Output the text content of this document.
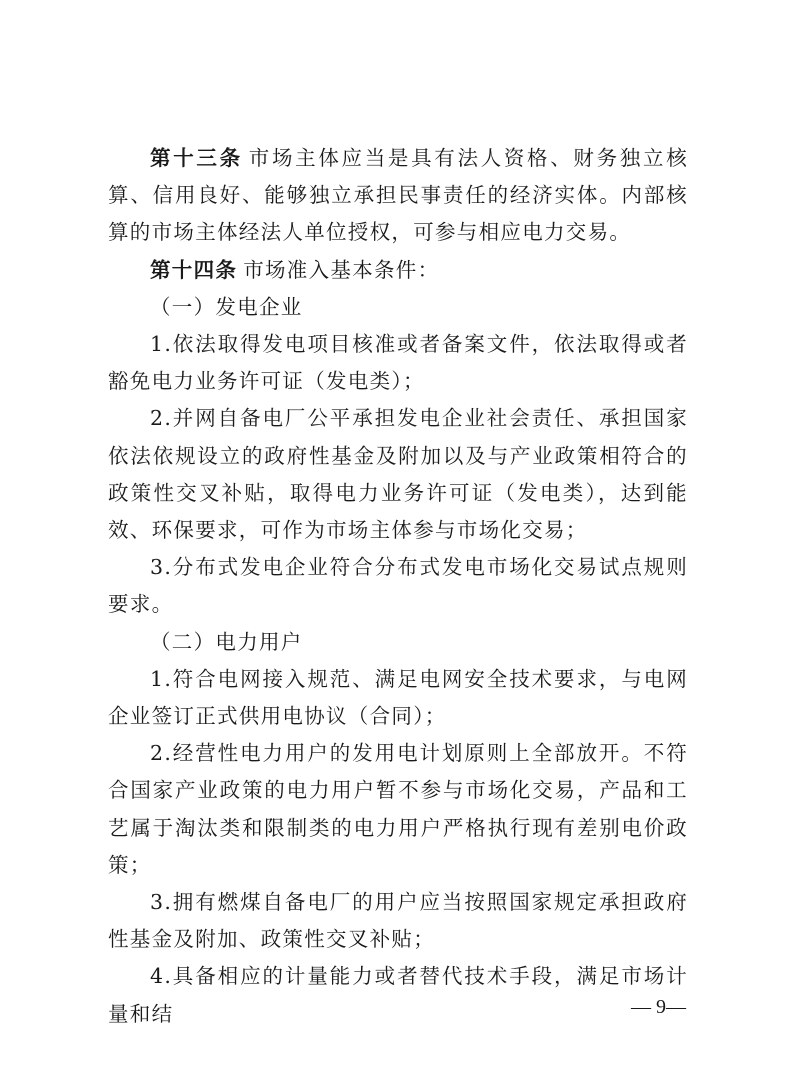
第十三条 市场主体应当是具有法人资格、财务独立核算、信用良好、能够独立承担民事责任的经济实体。内部核算的市场主体经法人单位授权，可参与相应电力交易。

第十四条 市场准入基本条件：

（一）发电企业

1.依法取得发电项目核准或者备案文件，依法取得或者豁免电力业务许可证（发电类）；

2.并网自备电厂公平承担发电企业社会责任、承担国家依法依规设立的政府性基金及附加以及与产业政策相符合的政策性交叉补贴，取得电力业务许可证（发电类），达到能效、环保要求，可作为市场主体参与市场化交易；

3.分布式发电企业符合分布式发电市场化交易试点规则要求。

（二）电力用户

1.符合电网接入规范、满足电网安全技术要求，与电网企业签订正式供用电协议（合同）；

2.经营性电力用户的发用电计划原则上全部放开。不符合国家产业政策的电力用户暂不参与市场化交易，产品和工艺属于淘汰类和限制类的电力用户严格执行现有差别电价政策；

3.拥有燃煤自备电厂的用户应当按照国家规定承担政府性基金及附加、政策性交叉补贴；

4.具备相应的计量能力或者替代技术手段，满足市场计量和结	— 9—
